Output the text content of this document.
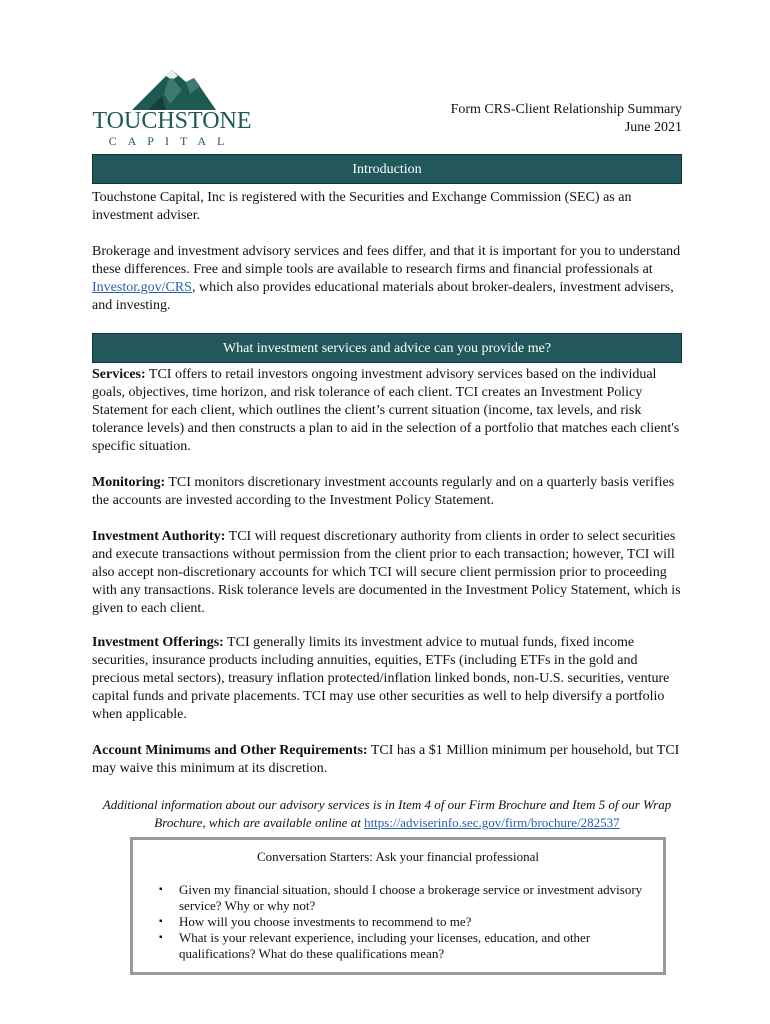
TOUCHSTONE
CAPITAL
Form CRS-Client Relationship Summary
June 2021
Introduction

Touchstone Capital, Inc is registered with the Securities and Exchange Commission (SEC) as an investment adviser.

Brokerage and investment advisory services and fees differ, and that it is important for you to understand these differences. Free and simple tools are available to research firms and financial professionals at Investor.gov/CRS, which also provides educational materials about broker-dealers, investment advisers, and investing.

What investment services and advice can you provide me?

Services: TCI offers to retail investors ongoing investment advisory services based on the individual goals, objectives, time horizon, and risk tolerance of each client. TCI creates an Investment Policy Statement for each client, which outlines the client’s current situation (income, tax levels, and risk tolerance levels) and then constructs a plan to aid in the selection of a portfolio that matches each client's specific situation.

Monitoring: TCI monitors discretionary investment accounts regularly and on a quarterly basis verifies the accounts are invested according to the Investment Policy Statement.

Investment Authority: TCI will request discretionary authority from clients in order to select securities and execute transactions without permission from the client prior to each transaction; however, TCI will also accept non-discretionary accounts for which TCI will secure client permission prior to proceeding with any transactions. Risk tolerance levels are documented in the Investment Policy Statement, which is given to each client.

Investment Offerings: TCI generally limits its investment advice to mutual funds, fixed income securities, insurance products including annuities, equities, ETFs (including ETFs in the gold and precious metal sectors), treasury inflation protected/inflation linked bonds, non-U.S. securities, venture capital funds and private placements. TCI may use other securities as well to help diversify a portfolio when applicable.

Account Minimums and Other Requirements: TCI has a $1 Million minimum per household, but TCI may waive this minimum at its discretion.

Additional information about our advisory services is in Item 4 of our Firm Brochure and Item 5 of our Wrap Brochure, which are available online at https://adviserinfo.sec.gov/firm/brochure/282537
Conversation Starters: Ask your financial professional
▪ Given my financial situation, should I choose a brokerage service or investment advisory service? Why or why not?
▪ How will you choose investments to recommend to me?
▪ What is your relevant experience, including your licenses, education, and other qualifications? What do these qualifications mean?
